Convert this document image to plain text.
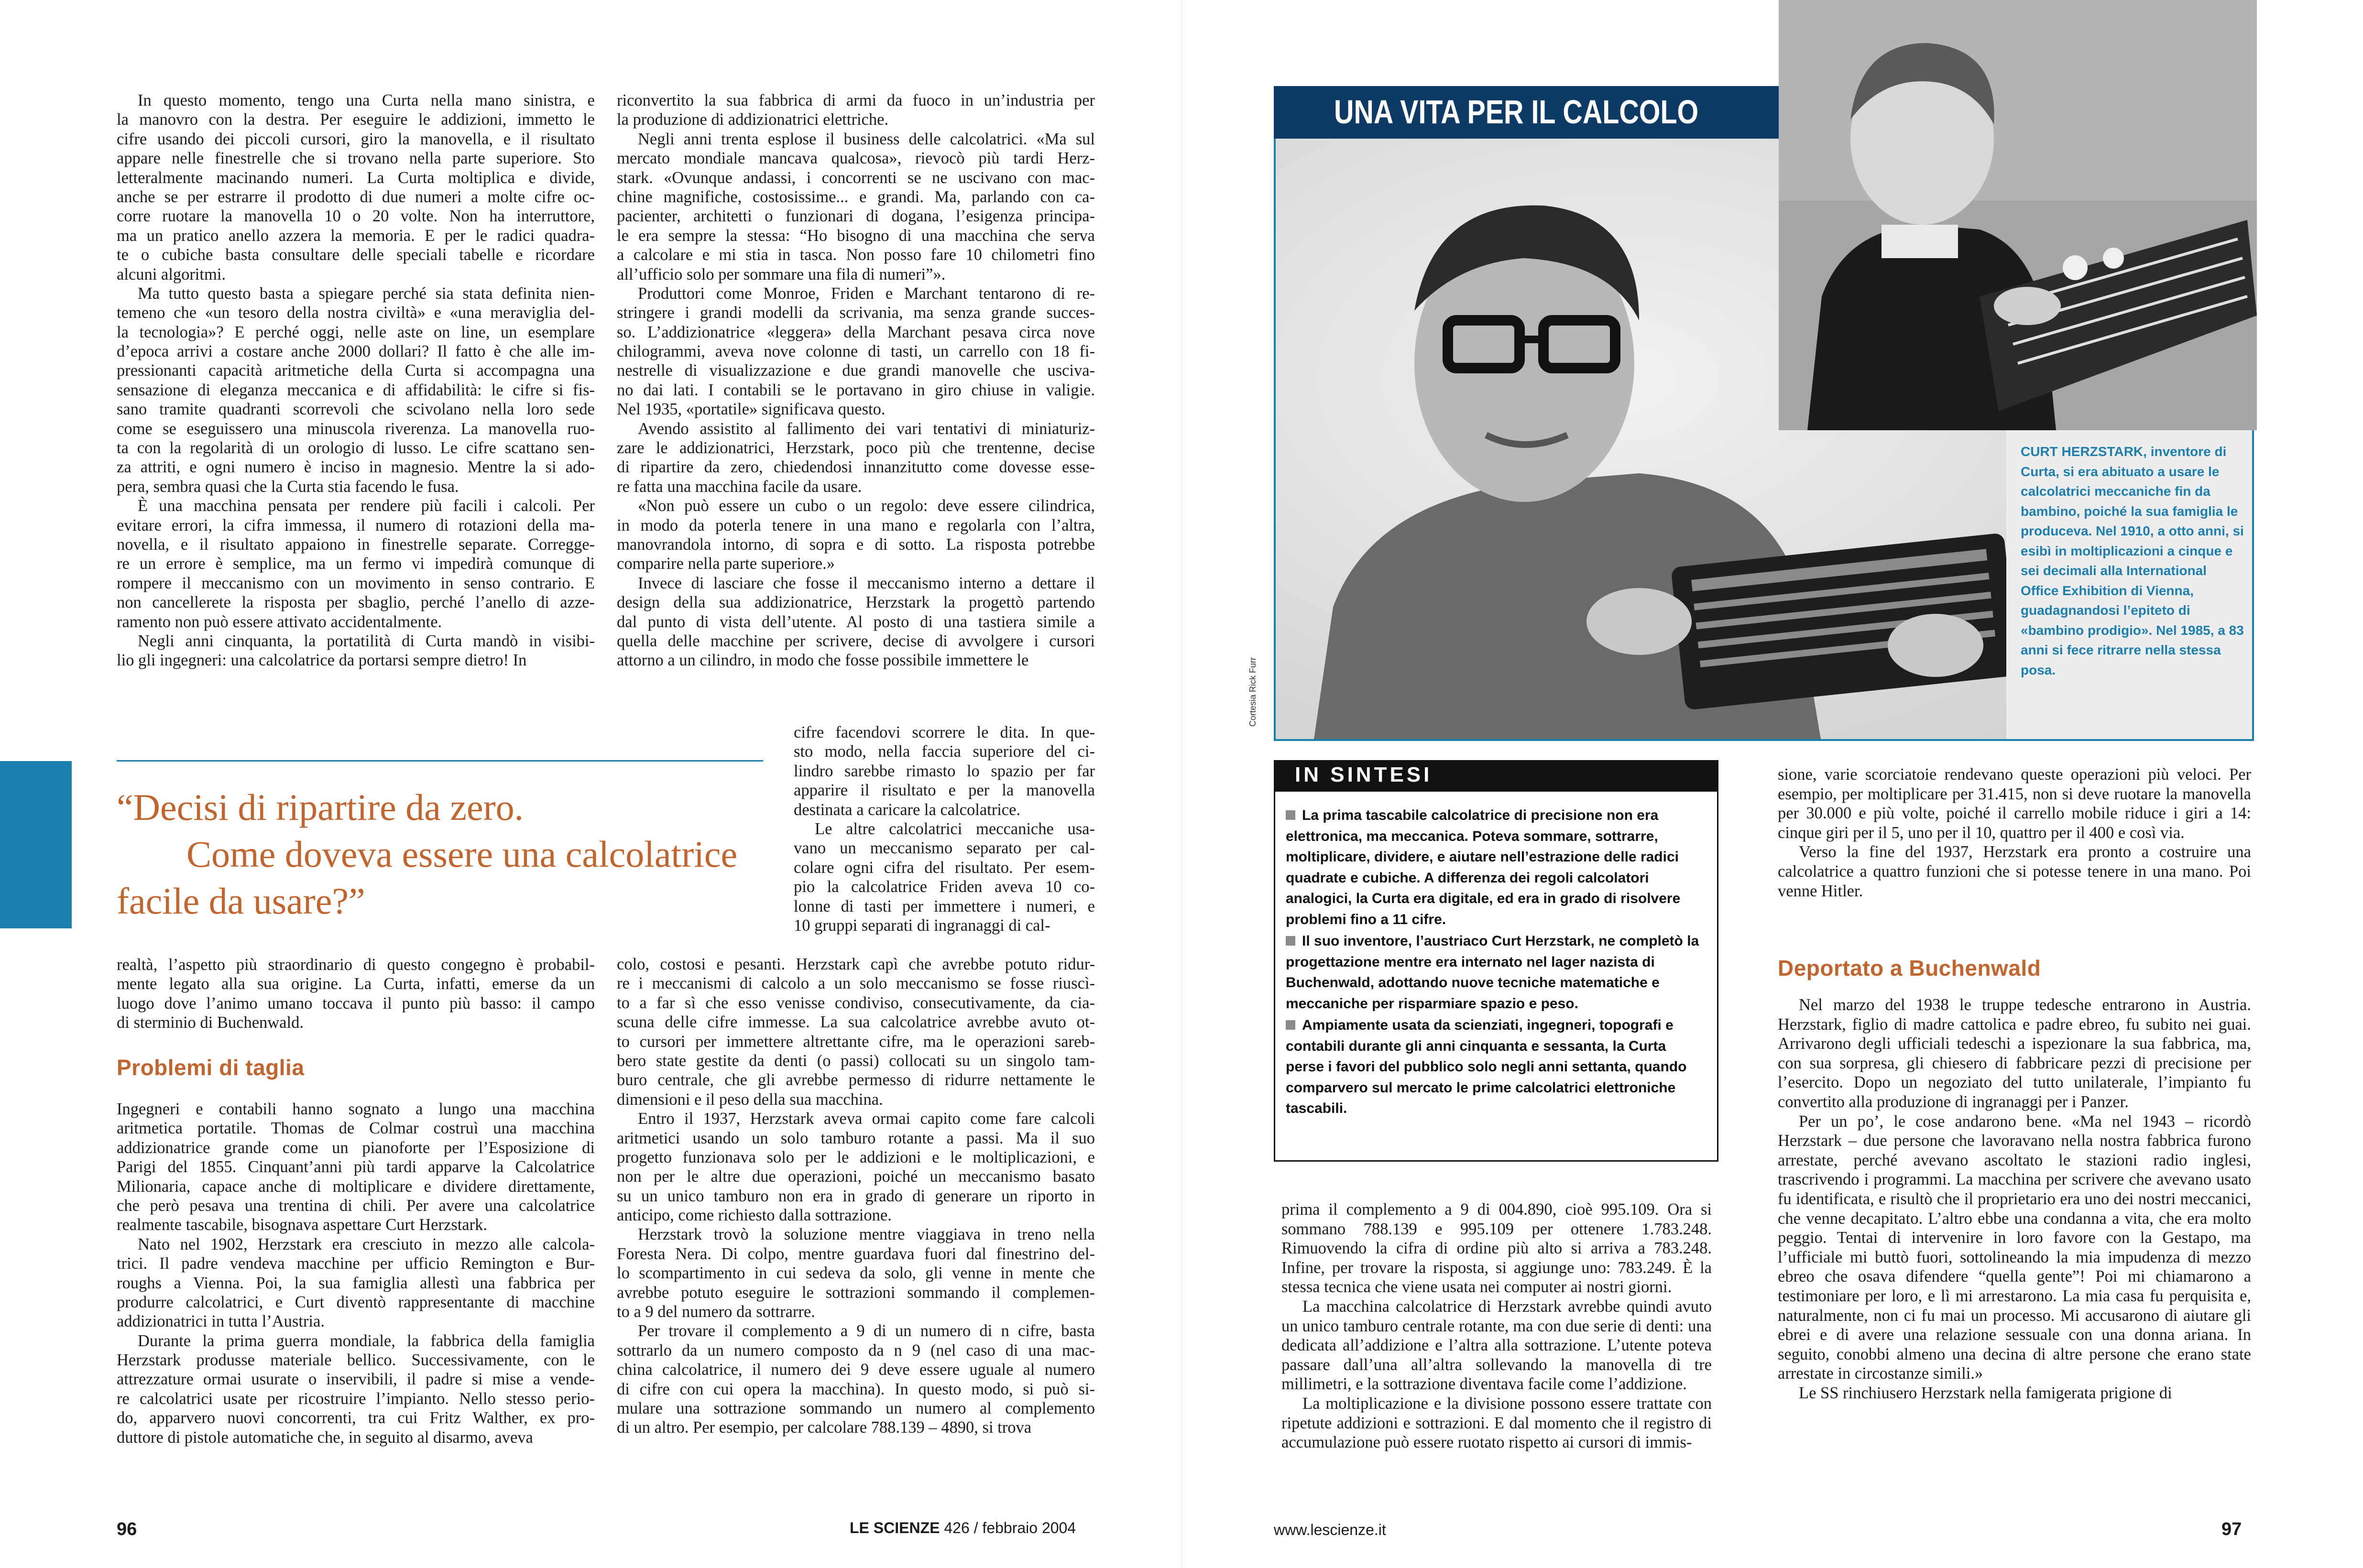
In questo momento, tengo una Curta nella mano sinistra, e
la manovro con la destra. Per eseguire le addizioni, immetto le
cifre usando dei piccoli cursori, giro la manovella, e il risultato
appare nelle finestrelle che si trovano nella parte superiore. Sto
letteralmente macinando numeri. La Curta moltiplica e divide,
anche se per estrarre il prodotto di due numeri a molte cifre oc-
corre ruotare la manovella 10 o 20 volte. Non ha interruttore,
ma un pratico anello azzera la memoria. E per le radici quadra-
te o cubiche basta consultare delle speciali tabelle e ricordare
alcuni algoritmi.
Ma tutto questo basta a spiegare perché sia stata definita nien-
temeno che «un tesoro della nostra civiltà» e «una meraviglia del-
la tecnologia»? E perché oggi, nelle aste on line, un esemplare
d’epoca arrivi a costare anche 2000 dollari? Il fatto è che alle im-
pressionanti capacità aritmetiche della Curta si accompagna una
sensazione di eleganza meccanica e di affidabilità: le cifre si fis-
sano tramite quadranti scorrevoli che scivolano nella loro sede
come se eseguissero una minuscola riverenza. La manovella ruo-
ta con la regolarità di un orologio di lusso. Le cifre scattano sen-
za attriti, e ogni numero è inciso in magnesio. Mentre la si ado-
pera, sembra quasi che la Curta stia facendo le fusa.
È una macchina pensata per rendere più facili i calcoli. Per
evitare errori, la cifra immessa, il numero di rotazioni della ma-
novella, e il risultato appaiono in finestrelle separate. Corregge-
re un errore è semplice, ma un fermo vi impedirà comunque di
rompere il meccanismo con un movimento in senso contrario. E
non cancellerete la risposta per sbaglio, perché l’anello di azze-
ramento non può essere attivato accidentalmente.
Negli anni cinquanta, la portatilità di Curta mandò in visibi-
lio gli ingegneri: una calcolatrice da portarsi sempre dietro! In
riconvertito la sua fabbrica di armi da fuoco in un’industria per
la produzione di addizionatrici elettriche.
Negli anni trenta esplose il business delle calcolatrici. «Ma sul
mercato mondiale mancava qualcosa», rievocò più tardi Herz-
stark. «Ovunque andassi, i concorrenti se ne uscivano con mac-
chine magnifiche, costosissime... e grandi. Ma, parlando con ca-
pacienter, architetti o funzionari di dogana, l’esigenza principa-
le era sempre la stessa: “Ho bisogno di una macchina che serva
a calcolare e mi stia in tasca. Non posso fare 10 chilometri fino
all’ufficio solo per sommare una fila di numeri”».
Produttori come Monroe, Friden e Marchant tentarono di re-
stringere i grandi modelli da scrivania, ma senza grande succes-
so. L’addizionatrice «leggera» della Marchant pesava circa nove
chilogrammi, aveva nove colonne di tasti, un carrello con 18 fi-
nestrelle di visualizzazione e due grandi manovelle che usciva-
no dai lati. I contabili se le portavano in giro chiuse in valigie.
Nel 1935, «portatile» significava questo.
Avendo assistito al fallimento dei vari tentativi di miniaturiz-
zare le addizionatrici, Herzstark, poco più che trentenne, decise
di ripartire da zero, chiedendosi innanzitutto come dovesse esse-
re fatta una macchina facile da usare.
«Non può essere un cubo o un regolo: deve essere cilindrica,
in modo da poterla tenere in una mano e regolarla con l’altra,
manovrandola intorno, di sopra e di sotto. La risposta potrebbe
comparire nella parte superiore.»
Invece di lasciare che fosse il meccanismo interno a dettare il
design della sua addizionatrice, Herzstark la progettò partendo
dal punto di vista dell’utente. Al posto di una tastiera simile a
quella delle macchine per scrivere, decise di avvolgere i cursori
attorno a un cilindro, in modo che fosse possibile immettere le
cifre facendovi scorrere le dita. In que-
sto modo, nella faccia superiore del ci-
lindro sarebbe rimasto lo spazio per far
apparire il risultato e per la manovella
destinata a caricare la calcolatrice.
Le altre calcolatrici meccaniche usa-
vano un meccanismo separato per cal-
colare ogni cifra del risultato. Per esem-
pio la calcolatrice Friden aveva 10 co-
lonne di tasti per immettere i numeri, e
10 gruppi separati di ingranaggi di cal-
“Decisi di ripartire da zero.
Come doveva essere una calcolatrice
facile da usare?”
realtà, l’aspetto più straordinario di questo congegno è probabil-
mente legato alla sua origine. La Curta, infatti, emerse da un
luogo dove l’animo umano toccava il punto più basso: il campo
di sterminio di Buchenwald.
Problemi di taglia
Ingegneri e contabili hanno sognato a lungo una macchina
aritmetica portatile. Thomas de Colmar costruì una macchina
addizionatrice grande come un pianoforte per l’Esposizione di
Parigi del 1855. Cinquant’anni più tardi apparve la Calcolatrice
Milionaria, capace anche di moltiplicare e dividere direttamente,
che però pesava una trentina di chili. Per avere una calcolatrice
realmente tascabile, bisognava aspettare Curt Herzstark.
Nato nel 1902, Herzstark era cresciuto in mezzo alle calcola-
trici. Il padre vendeva macchine per ufficio Remington e Bur-
roughs a Vienna. Poi, la sua famiglia allestì una fabbrica per
produrre calcolatrici, e Curt diventò rappresentante di macchine
addizionatrici in tutta l’Austria.
Durante la prima guerra mondiale, la fabbrica della famiglia
Herzstark produsse materiale bellico. Successivamente, con le
attrezzature ormai usurate o inservibili, il padre si mise a vende-
re calcolatrici usate per ricostruire l’impianto. Nello stesso perio-
do, apparvero nuovi concorrenti, tra cui Fritz Walther, ex pro-
duttore di pistole automatiche che, in seguito al disarmo, aveva
colo, costosi e pesanti. Herzstark capì che avrebbe potuto ridur-
re i meccanismi di calcolo a un solo meccanismo se fosse riuscì-
to a far sì che esso venisse condiviso, consecutivamente, da cia-
scuna delle cifre immesse. La sua calcolatrice avrebbe avuto ot-
to cursori per immettere altrettante cifre, ma le operazioni sareb-
bero state gestite da denti (o passi) collocati su un singolo tam-
buro centrale, che gli avrebbe permesso di ridurre nettamente le
dimensioni e il peso della sua macchina.
Entro il 1937, Herzstark aveva ormai capito come fare calcoli
aritmetici usando un solo tamburo rotante a passi. Ma il suo
progetto funzionava solo per le addizioni e le moltiplicazioni, e
non per le altre due operazioni, poiché un meccanismo basato
su un unico tamburo non era in grado di generare un riporto in
anticipo, come richiesto dalla sottrazione.
Herzstark trovò la soluzione mentre viaggiava in treno nella
Foresta Nera. Di colpo, mentre guardava fuori dal finestrino del-
lo scompartimento in cui sedeva da solo, gli venne in mente che
avrebbe potuto eseguire le sottrazioni sommando il complemen-
to a 9 del numero da sottrarre.
Per trovare il complemento a 9 di un numero di n cifre, basta
sottrarlo da un numero composto da n 9 (nel caso di una mac-
china calcolatrice, il numero dei 9 deve essere uguale al numero
di cifre con cui opera la macchina). In questo modo, si può si-
mulare una sottrazione sommando un numero al complemento
di un altro. Per esempio, per calcolare 788.139 – 4890, si trova
96	LE SCIENZE 426 / febbraio 2004
UNA VITA PER IL CALCOLO
CURT HERZSTARK, inventore di Curta, si era abituato a usare le calcolatrici meccaniche fin da bambino, poiché la sua famiglia le produceva. Nel 1910, a otto anni, si esibì in moltiplicazioni a cinque e sei decimali alla International Office Exhibition di Vienna, guadagnandosi l’epiteto di «bambino prodigio». Nel 1985, a 83 anni si fece ritrarre nella stessa posa.
Cortesia Rick Furr
IN SINTESI
La prima tascabile calcolatrice di precisione non era elettronica, ma meccanica. Poteva sommare, sottrarre, moltiplicare, dividere, e aiutare nell’estrazione delle radici quadrate e cubiche. A differenza dei regoli calcolatori analogici, la Curta era digitale, ed era in grado di risolvere problemi fino a 11 cifre.
Il suo inventore, l’austriaco Curt Herzstark, ne completò la progettazione mentre era internato nel lager nazista di Buchenwald, adottando nuove tecniche matematiche e meccaniche per risparmiare spazio e peso.
Ampiamente usata da scienziati, ingegneri, topografi e contabili durante gli anni cinquanta e sessanta, la Curta perse i favori del pubblico solo negli anni settanta, quando comparvero sul mercato le prime calcolatrici elettroniche tascabili.

prima il complemento a 9 di 004.890, cioè 995.109. Ora si sommano 788.139 e 995.109 per ottenere 1.783.248. Rimuovendo la cifra di ordine più alto si arriva a 783.248. Infine, per trovare la risposta, si aggiunge uno: 783.249. È la stessa tecnica che viene usata nei computer ai nostri giorni.

La macchina calcolatrice di Herzstark avrebbe quindi avuto un unico tamburo centrale rotante, ma con due serie di denti: una dedicata all’addizione e l’altra alla sottrazione. L’utente poteva passare dall’una all’altra sollevando la manovella di tre millimetri, e la sottrazione diventava facile come l’addizione.

La moltiplicazione e la divisione possono essere trattate con ripetute addizioni e sottrazioni. E dal momento che il registro di accumulazione può essere ruotato rispetto ai cursori di immis-

sione, varie scorciatoie rendevano queste operazioni più veloci. Per esempio, per moltiplicare per 31.415, non si deve ruotare la manovella per 30.000 e più volte, poiché il carrello mobile riduce i giri a 14: cinque giri per il 5, uno per il 10, quattro per il 400 e così via.

Verso la fine del 1937, Herzstark era pronto a costruire una calcolatrice a quattro funzioni che si potesse tenere in una mano. Poi venne Hitler.

Deportato a Buchenwald

Nel marzo del 1938 le truppe tedesche entrarono in Austria. Herzstark, figlio di madre cattolica e padre ebreo, fu subito nei guai. Arrivarono degli ufficiali tedeschi a ispezionare la sua fabbrica, ma, con sua sorpresa, gli chiesero di fabbricare pezzi di precisione per l’esercito. Dopo un negoziato del tutto unilaterale, l’impianto fu convertito alla produzione di ingranaggi per i Panzer.

Per un po’, le cose andarono bene. «Ma nel 1943 – ricordò Herzstark – due persone che lavoravano nella nostra fabbrica furono arrestate, perché avevano ascoltato le stazioni radio inglesi, trascrivendo i programmi. La macchina per scrivere che avevano usato fu identificata, e risultò che il proprietario era uno dei nostri meccanici, che venne decapitato. L’altro ebbe una condanna a vita, che era molto peggio. Tentai di intervenire in loro favore con la Gestapo, ma l’ufficiale mi buttò fuori, sottolineando la mia impudenza di mezzo ebreo che osava difendere “quella gente”! Poi mi chiamarono a testimoniare per loro, e lì mi arrestarono. La mia casa fu perquisita e, naturalmente, non ci fu mai un processo. Mi accusarono di aiutare gli ebrei e di avere una relazione sessuale con una donna ariana. In seguito, conobbi almeno una decina di altre persone che erano state arrestate in circostanze simili.»

Le SS rinchiusero Herzstark nella famigerata prigione di

www.lescienze.it	97
